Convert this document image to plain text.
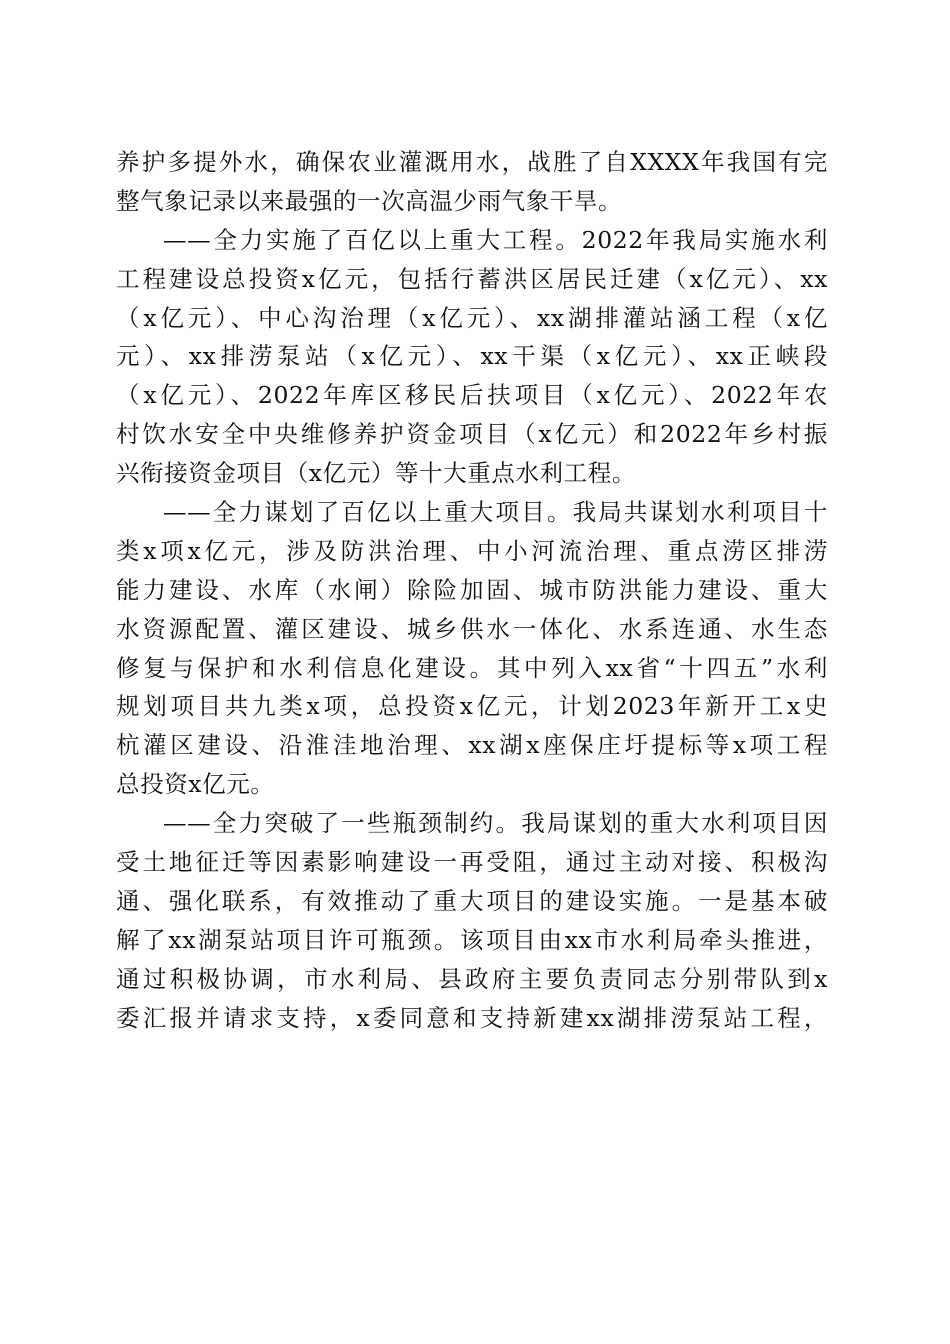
养护多提外水，确保农业灌溉用水，战胜了自XXXX年我国有完
整气象记录以来最强的一次高温少雨气象干旱。
——全力实施了百亿以上重大工程。2022年我局实施水利
工程建设总投资x亿元，包括行蓄洪区居民迁建（x亿元）、xx
（x亿元）、中心沟治理（x亿元）、xx湖排灌站涵工程（x亿
元）、xx排涝泵站（x亿元）、xx干渠（x亿元）、xx正峡段
（x亿元）、2022年库区移民后扶项目（x亿元）、2022年农
村饮水安全中央维修养护资金项目（x亿元）和2022年乡村振
兴衔接资金项目（x亿元）等十大重点水利工程。
——全力谋划了百亿以上重大项目。我局共谋划水利项目十
类x项x亿元，涉及防洪治理、中小河流治理、重点涝区排涝
能力建设、水库（水闸）除险加固、城市防洪能力建设、重大
水资源配置、灌区建设、城乡供水一体化、水系连通、水生态
修复与保护和水利信息化建设。其中列入xx省“十四五”水利
规划项目共九类x项，总投资x亿元，计划2023年新开工x史
杭灌区建设、沿淮洼地治理、xx湖x座保庄圩提标等x项工程
总投资x亿元。
——全力突破了一些瓶颈制约。我局谋划的重大水利项目因
受土地征迁等因素影响建设一再受阻，通过主动对接、积极沟
通、强化联系，有效推动了重大项目的建设实施。一是基本破
解了xx湖泵站项目许可瓶颈。该项目由xx市水利局牵头推进，
通过积极协调，市水利局、县政府主要负责同志分别带队到x
委汇报并请求支持，x委同意和支持新建xx湖排涝泵站工程，
